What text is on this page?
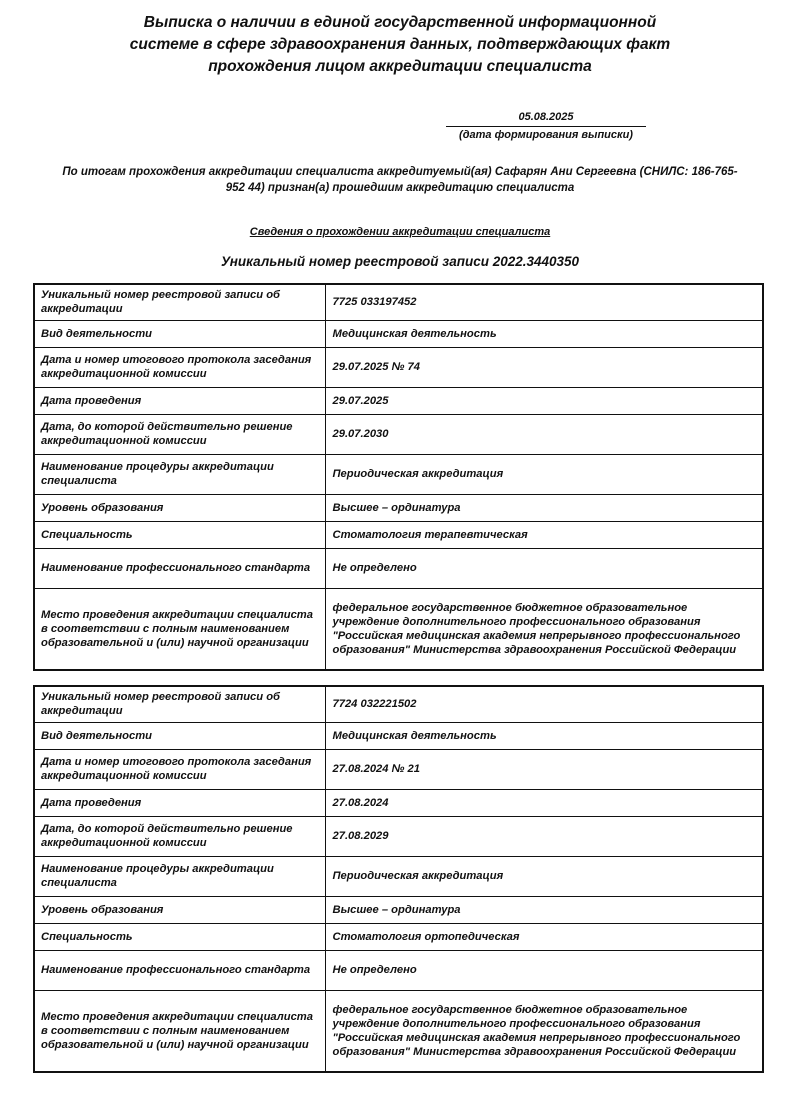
Выписка о наличии в единой государственной информационной
системе в сфере здравоохранения данных, подтверждающих факт
прохождения лицом аккредитации специалиста
05.08.2025
(дата формирования выписки)
По итогам прохождения аккредитации специалиста аккредитуемый(ая) Сафарян Ани Сергеевна (СНИЛС: 186-765-
952 44) признан(а) прошедшим аккредитацию специалиста
Сведения о прохождении аккредитации специалиста
Уникальный номер реестровой записи 2022.3440350
Уникальный номер реестровой записи об аккредитации	7725 033197452
Вид деятельности	Медицинская деятельность
Дата и номер итогового протокола заседания аккредитационной комиссии	29.07.2025 № 74
Дата проведения	29.07.2025
Дата, до которой действительно решение аккредитационной комиссии	29.07.2030
Наименование процедуры аккредитации специалиста	Периодическая аккредитация
Уровень образования	Высшее – ординатура
Специальность	Стоматология терапевтическая
Наименование профессионального стандарта	Не определено
Место проведения аккредитации специалиста в соответствии с полным наименованием образовательной и (или) научной организации	федеральное государственное бюджетное образовательное учреждение дополнительного профессионального образования "Российская медицинская академия непрерывного профессионального образования" Министерства здравоохранения Российской Федерации
Уникальный номер реестровой записи об аккредитации	7724 032221502
Вид деятельности	Медицинская деятельность
Дата и номер итогового протокола заседания аккредитационной комиссии	27.08.2024 № 21
Дата проведения	27.08.2024
Дата, до которой действительно решение аккредитационной комиссии	27.08.2029
Наименование процедуры аккредитации специалиста	Периодическая аккредитация
Уровень образования	Высшее – ординатура
Специальность	Стоматология ортопедическая
Наименование профессионального стандарта	Не определено
Место проведения аккредитации специалиста в соответствии с полным наименованием образовательной и (или) научной организации	федеральное государственное бюджетное образовательное учреждение дополнительного профессионального образования "Российская медицинская академия непрерывного профессионального образования" Министерства здравоохранения Российской Федерации
